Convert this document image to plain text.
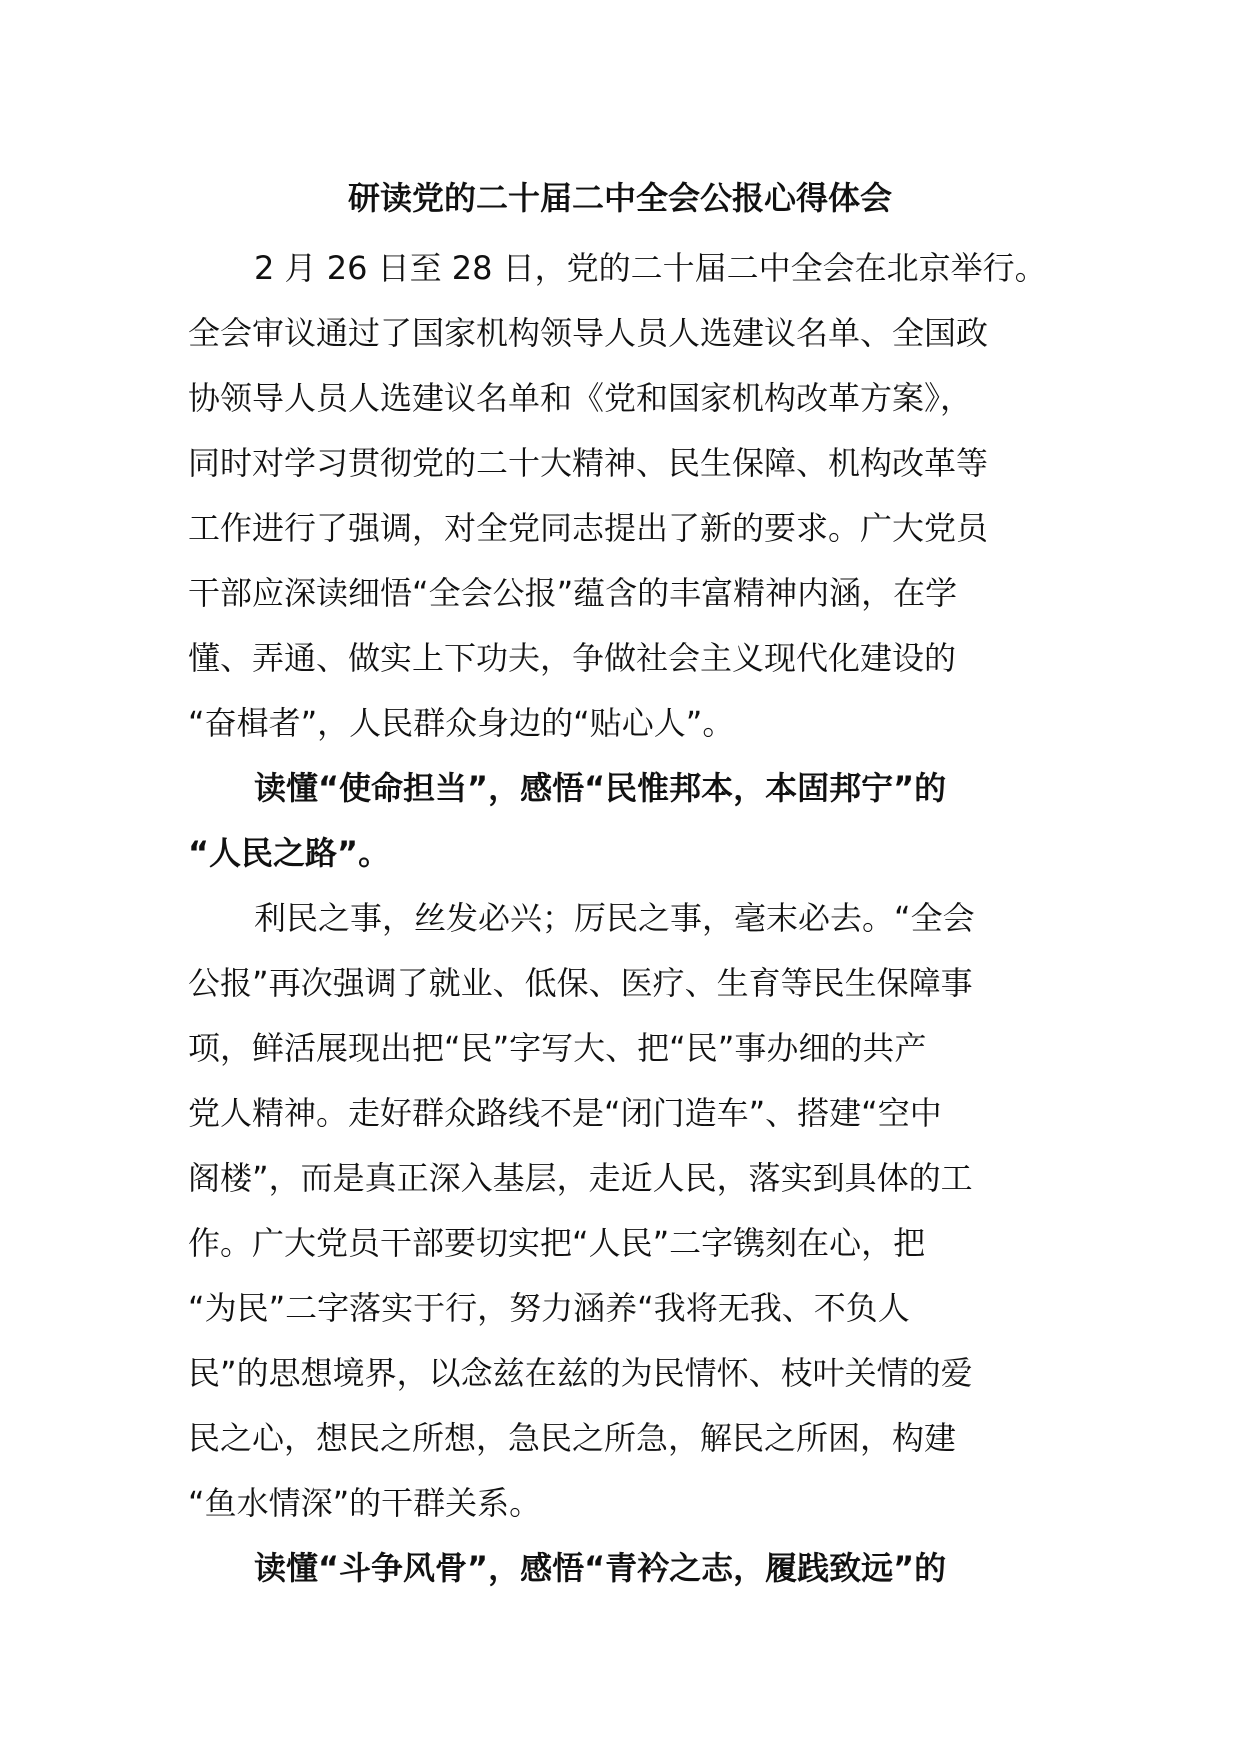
研读党的二十届二中全会公报心得体会
2 月 26 日至 28 日，党的二十届二中全会在北京举行。
全会审议通过了国家机构领导人员人选建议名单、全国政
协领导人员人选建议名单和《党和国家机构改革方案》，
同时对学习贯彻党的二十大精神、民生保障、机构改革等
工作进行了强调，对全党同志提出了新的要求。广大党员
干部应深读细悟“全会公报”蕴含的丰富精神内涵，在学
懂、弄通、做实上下功夫，争做社会主义现代化建设的
“奋楫者”，人民群众身边的“贴心人”。
读懂“使命担当”，感悟“民惟邦本，本固邦宁”的
“人民之路”。
利民之事，丝发必兴；厉民之事，毫末必去。“全会
公报”再次强调了就业、低保、医疗、生育等民生保障事
项，鲜活展现出把“民”字写大、把“民”事办细的共产
党人精神。走好群众路线不是“闭门造车”、搭建“空中
阁楼”，而是真正深入基层，走近人民，落实到具体的工
作。广大党员干部要切实把“人民”二字镌刻在心，把
“为民”二字落实于行，努力涵养“我将无我、不负人
民”的思想境界，以念兹在兹的为民情怀、枝叶关情的爱
民之心，想民之所想，急民之所急，解民之所困，构建
“鱼水情深”的干群关系。
读懂“斗争风骨”，感悟“青衿之志，履践致远”的
